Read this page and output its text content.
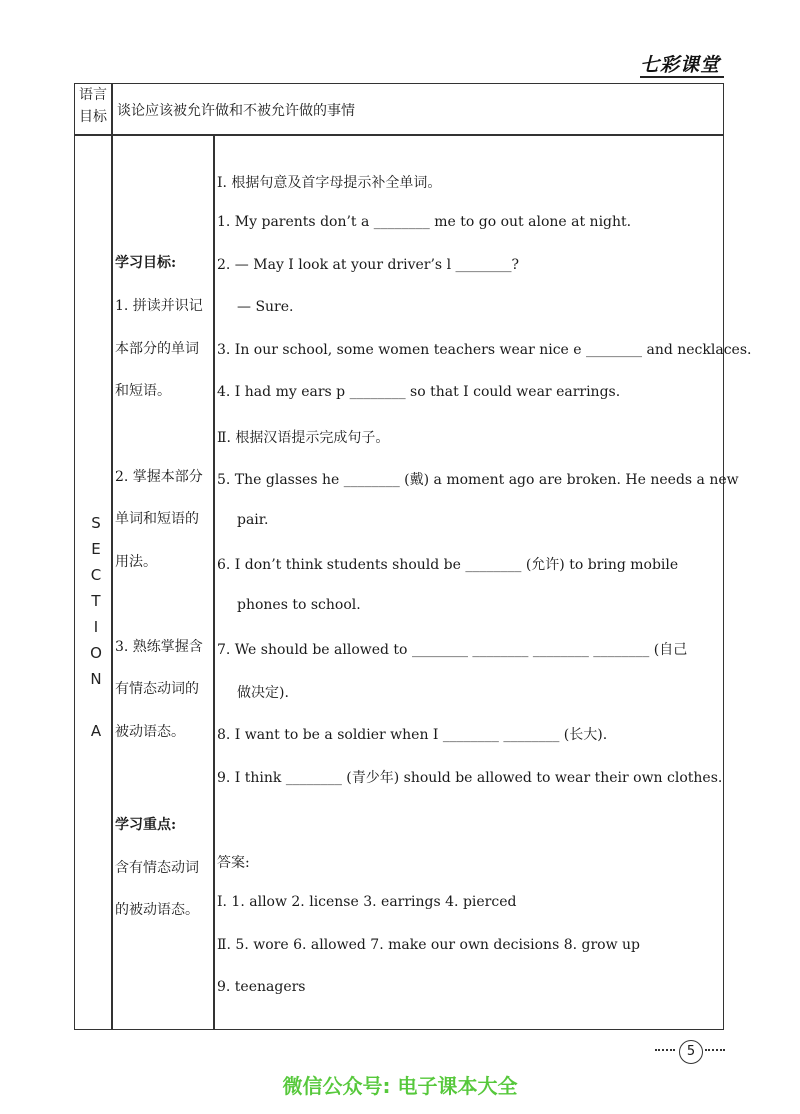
七彩课堂
语言
目标 谈论应该被允许做和不被允许做的事情
SECTION A
学习目标:
1. 拼读并识记
本部分的单词
和短语。
2. 掌握本部分
单词和短语的
用法。
3. 熟练掌握含
有情态动词的
被动语态。
学习重点:
含有情态动词
的被动语态。
Ⅰ. 根据句意及首字母提示补全单词。
1. My parents don’t a ________ me to go out alone at night.
2. — May I look at your driver’s l ________?
— Sure.
3. In our school, some women teachers wear nice e ________ and necklaces.
4. I had my ears p ________ so that I could wear earrings.
Ⅱ. 根据汉语提示完成句子。
5. The glasses he ________ (戴) a moment ago are broken. He needs a new
pair.
6. I don’t think students should be ________ (允许) to bring mobile
phones to school.
7. We should be allowed to ________ ________ ________ ________ (自己
做决定).
8. I want to be a soldier when I ________ ________ (长大).
9. I think ________ (青少年) should be allowed to wear their own clothes.
答案:
Ⅰ. 1. allow 2. license 3. earrings 4. pierced
Ⅱ. 5. wore 6. allowed 7. make our own decisions 8. grow up
9. teenagers
5
微信公众号: 电子课本大全
